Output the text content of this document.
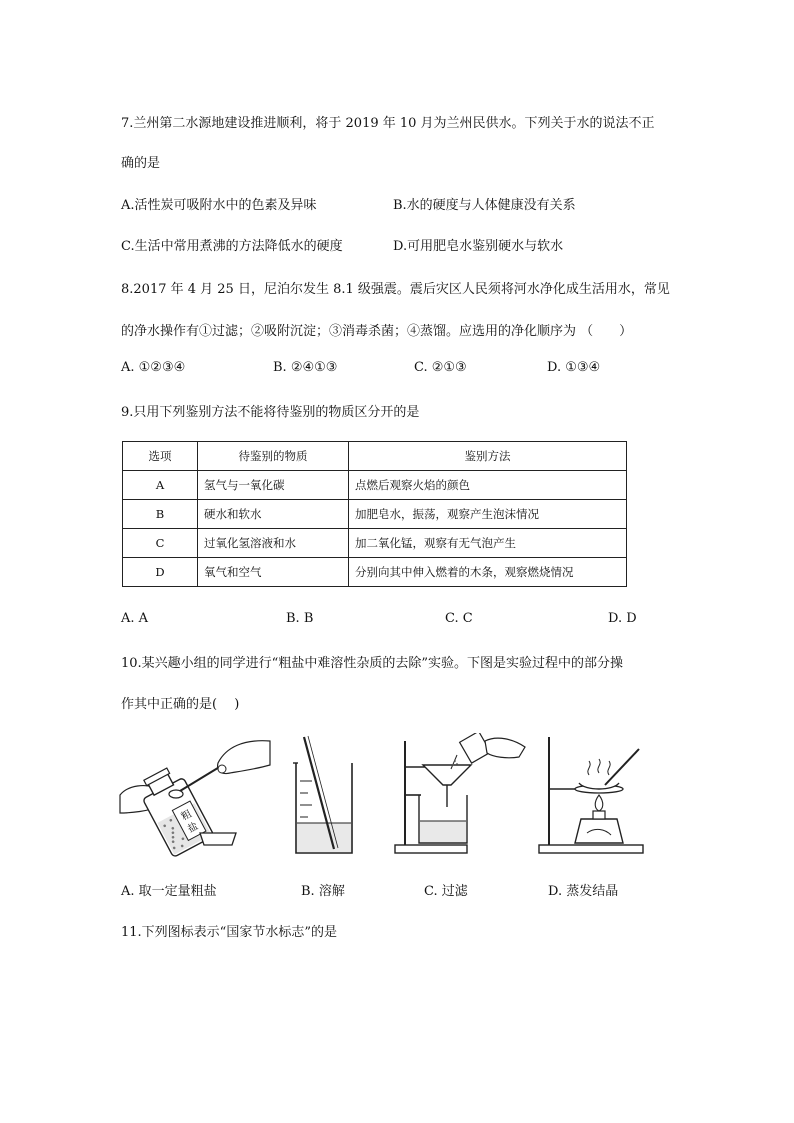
7.兰州第二水源地建设推进顺利，将于 2019 年 10 月为兰州民供水。下列关于水的说法不正
确的是
A.活性炭可吸附水中的色素及异味	B.水的硬度与人体健康没有关系
C.生活中常用煮沸的方法降低水的硬度	D.可用肥皂水鉴别硬水与软水
8.2017 年 4 月 25 日，尼泊尔发生 8.1 级强震。震后灾区人民须将河水净化成生活用水，常见
的净水操作有①过滤；②吸附沉淀；③消毒杀菌；④蒸馏。应选用的净化顺序为 （　　）
A. ①②③④	B. ②④①③	C. ②①③	D. ①③④
9.只用下列鉴别方法不能将待鉴别的物质区分开的是
选项	待鉴别的物质	鉴别方法
A	氢气与一氧化碳	点燃后观察火焰的颜色
B	硬水和软水	加肥皂水，振荡，观察产生泡沫情况
C	过氧化氢溶液和水	加二氧化锰，观察有无气泡产生
D	氧气和空气	分别向其中伸入燃着的木条，观察燃烧情况
A. A	B. B	C. C	D. D
10.某兴趣小组的同学进行“粗盐中难溶性杂质的去除”实验。下图是实验过程中的部分操
作其中正确的是(　 )
粗
盐
A. 取一定量粗盐	B. 溶解	C. 过滤	D. 蒸发结晶
11.下列图标表示“国家节水标志”的是
